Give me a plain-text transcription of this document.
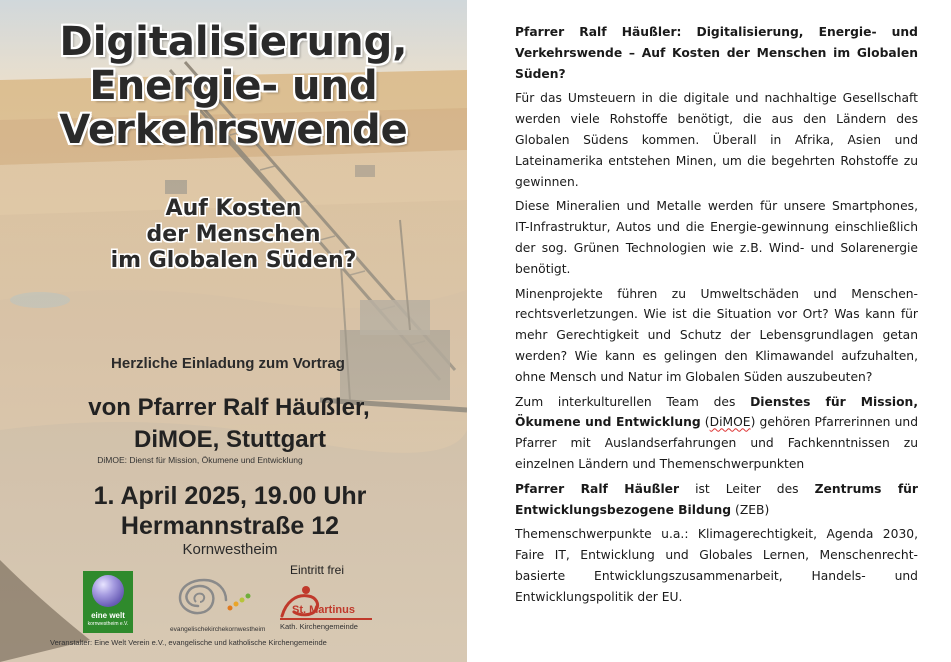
Digitalisierung,
Energie- und
Verkehrswende
Auf Kosten
der Menschen
im Globalen Süden?

Herzliche Einladung zum Vortrag

von Pfarrer Ralf Häußler,

DiMOE, Stuttgart

DiMOE: Dienst für Mission, Ökumene und Entwicklung

1. April 2025, 19.00 Uhr

Hermannstraße 12

Kornwestheim

Eintritt frei

eine welt
kornwestheim e.V.
evangelischekirchekornwestheim
St. Martinus
Kath. Kirchengemeinde

Veranstalter: Eine Welt Verein e.V., evangelische und katholische Kirchengemeinde

Pfarrer Ralf Häußler: Digitalisierung, Energie- und Verkehrswende – Auf Kosten der Menschen im Globalen Süden?

Für das Umsteuern in die digitale und nachhaltige Gesellschaft werden viele Rohstoffe benötigt, die aus den Ländern des Globalen Südens kommen. Überall in Afrika, Asien und Lateinamerika entstehen Minen, um die begehrten Rohstoffe zu gewinnen.

Diese Mineralien und Metalle werden für unsere Smartphones, IT-Infrastruktur, Autos und die Energie-gewinnung einschließlich der sog. Grünen Technologien wie z.B. Wind- und Solarenergie benötigt.

Minenprojekte führen zu Umweltschäden und Menschen-rechtsverletzungen. Wie ist die Situation vor Ort? Was kann für mehr Gerechtigkeit und Schutz der Lebensgrundlagen getan werden? Wie kann es gelingen den Klimawandel aufzuhalten, ohne Mensch und Natur im Globalen Süden auszubeuten?

Zum interkulturellen Team des Dienstes für Mission, Ökumene und Entwicklung (DiMOE) gehören Pfarrerinnen und Pfarrer mit Auslandserfahrungen und Fachkenntnissen zu einzelnen Ländern und Themenschwerpunkten

Pfarrer Ralf Häußler ist Leiter des Zentrums für Entwicklungsbezogene Bildung (ZEB)

Themenschwerpunkte u.a.: Klimagerechtigkeit, Agenda 2030, Faire IT, Entwicklung und Globales Lernen, Menschenrecht-basierte Entwicklungszusammenarbeit, Handels- und Entwicklungspolitik der EU.
